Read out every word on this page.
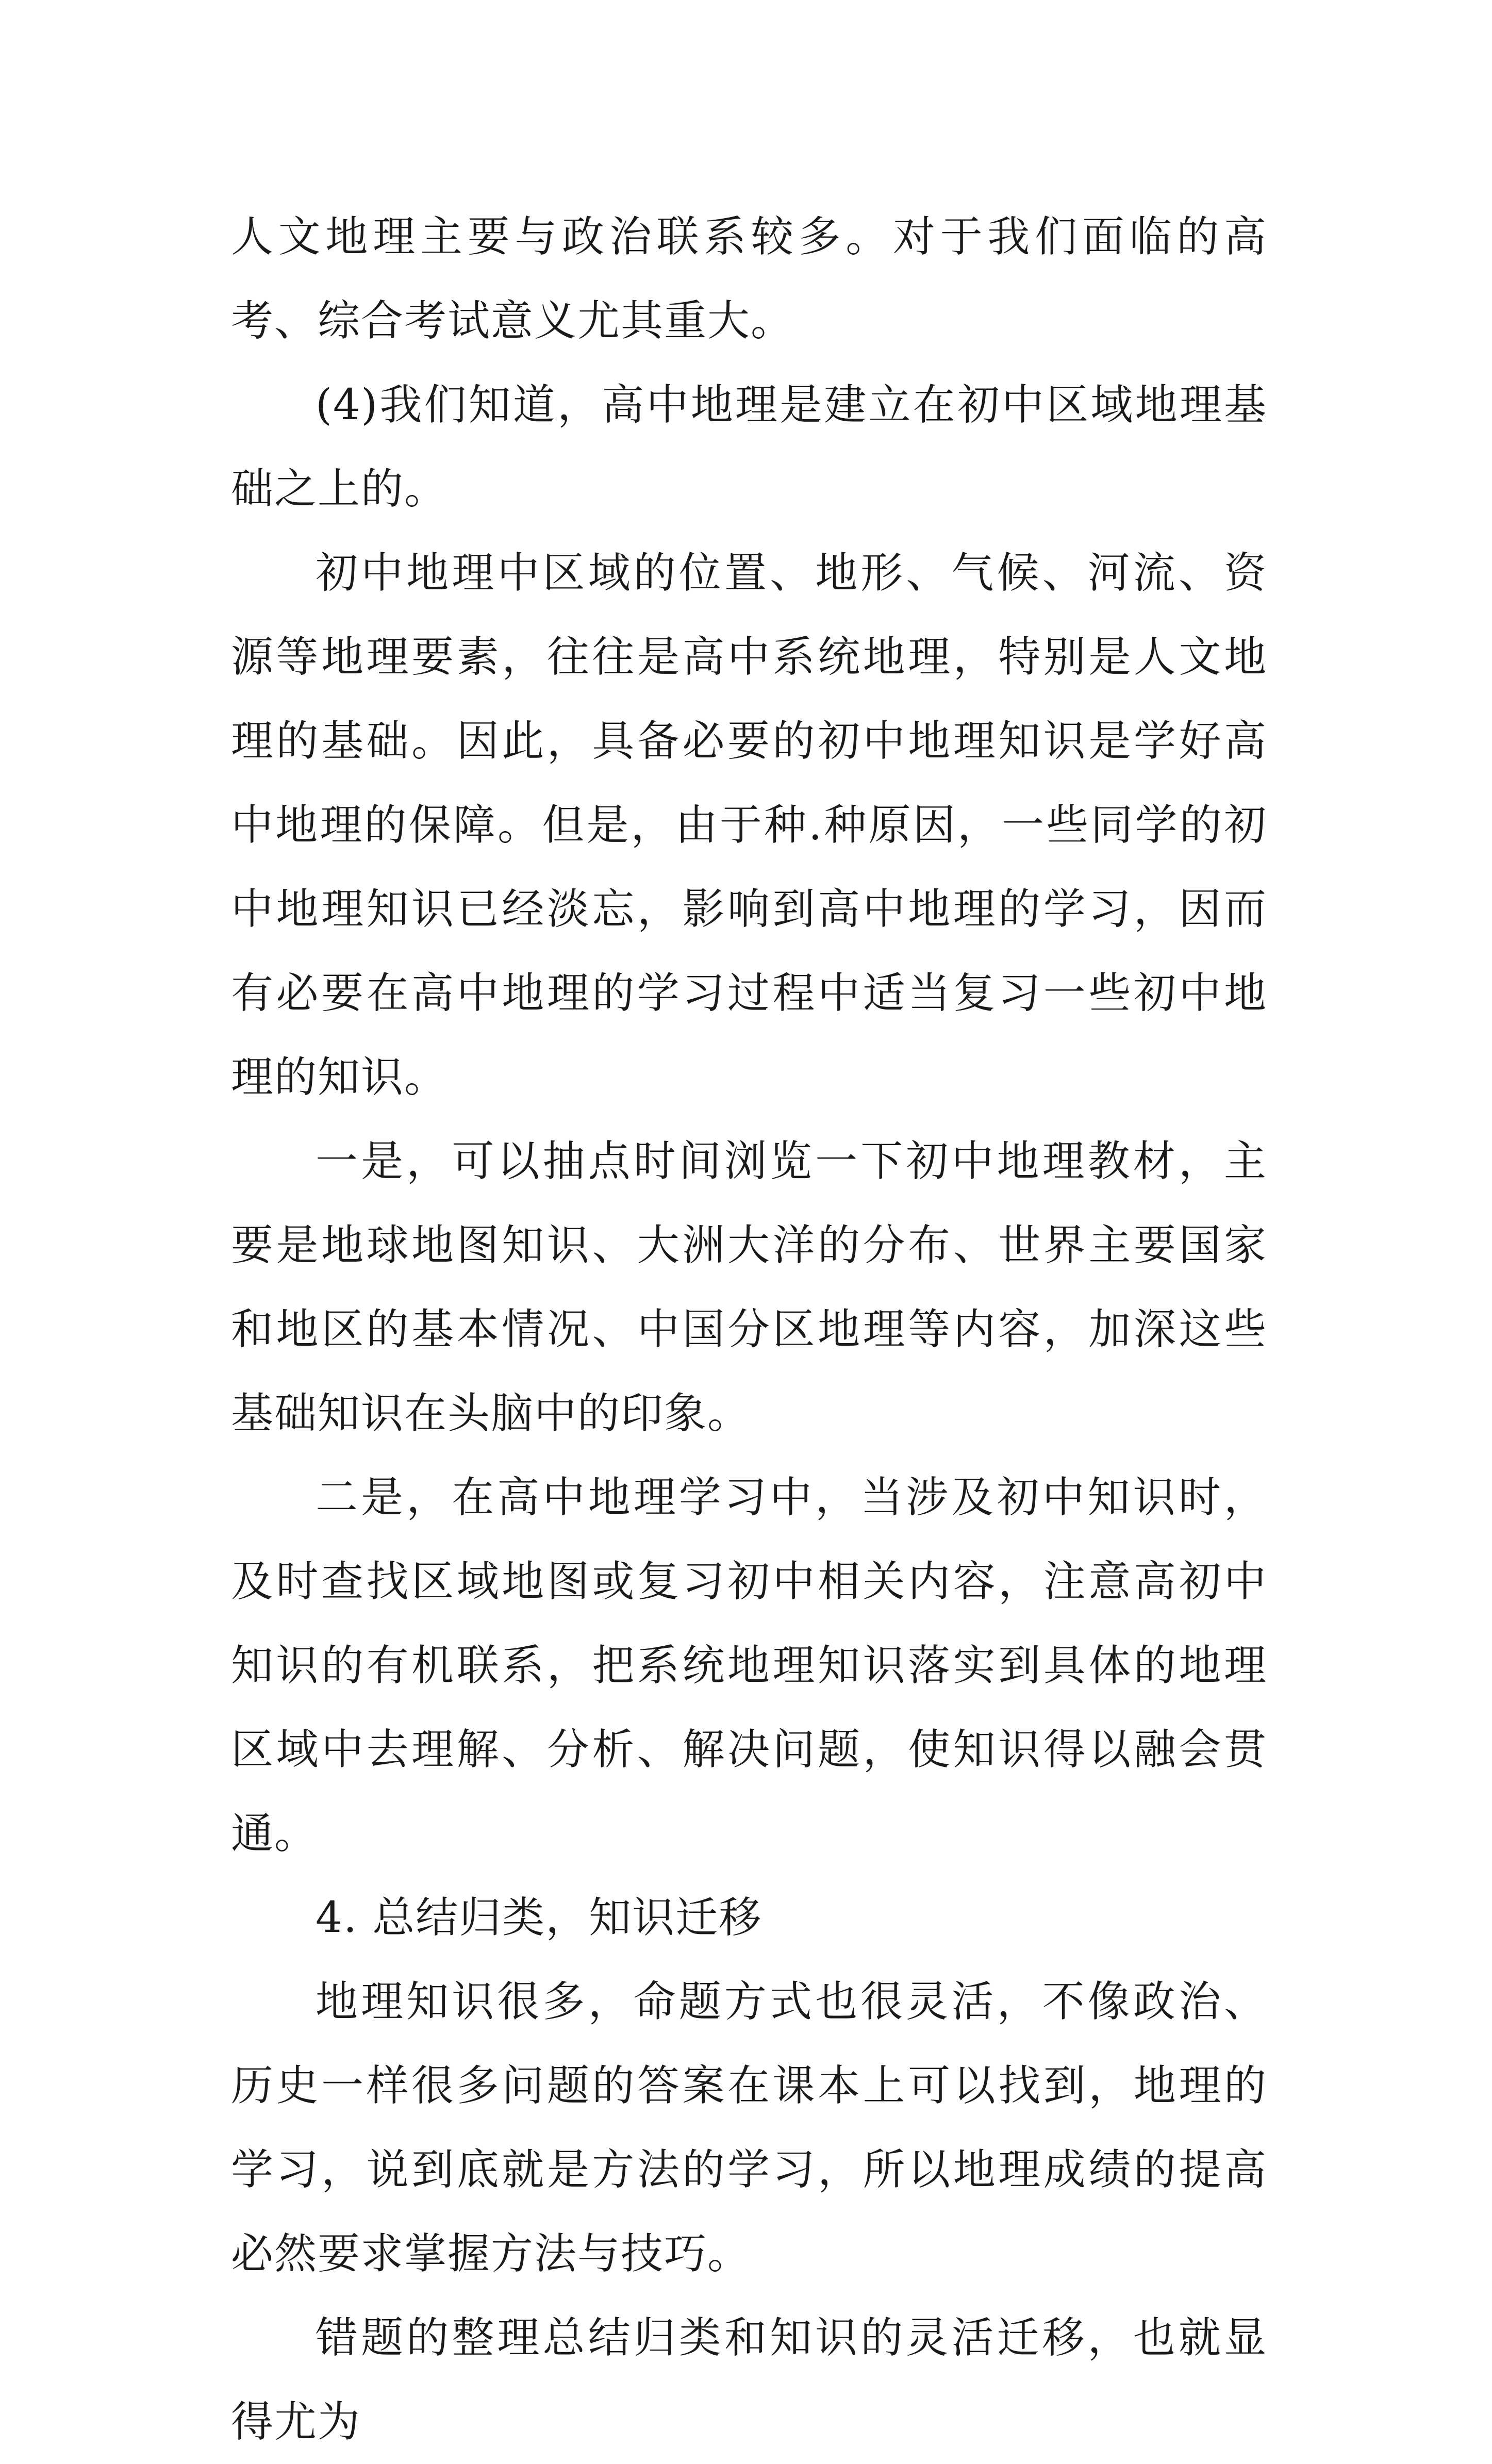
人文地理主要与政治联系较多。对于我们面临的高考、综合考试意义尤其重大。

(4)我们知道，高中地理是建立在初中区域地理基础之上的。

初中地理中区域的位置、地形、气候、河流、资源等地理要素，往往是高中系统地理，特别是人文地理的基础。因此，具备必要的初中地理知识是学好高中地理的保障。但是，由于种.种原因，一些同学的初中地理知识已经淡忘，影响到高中地理的学习，因而有必要在高中地理的学习过程中适当复习一些初中地理的知识。

一是，可以抽点时间浏览一下初中地理教材，主要是地球地图知识、大洲大洋的分布、世界主要国家和地区的基本情况、中国分区地理等内容，加深这些基础知识在头脑中的印象。

二是，在高中地理学习中，当涉及初中知识时，及时查找区域地图或复习初中相关内容，注意高初中知识的有机联系，把系统地理知识落实到具体的地理区域中去理解、分析、解决问题，使知识得以融会贯通。

4. 总结归类，知识迁移

地理知识很多，命题方式也很灵活，不像政治、历史一样很多问题的答案在课本上可以找到，地理的学习，说到底就是方法的学习，所以地理成绩的提高必然要求掌握方法与技巧。

错题的整理总结归类和知识的灵活迁移，也就显得尤为
